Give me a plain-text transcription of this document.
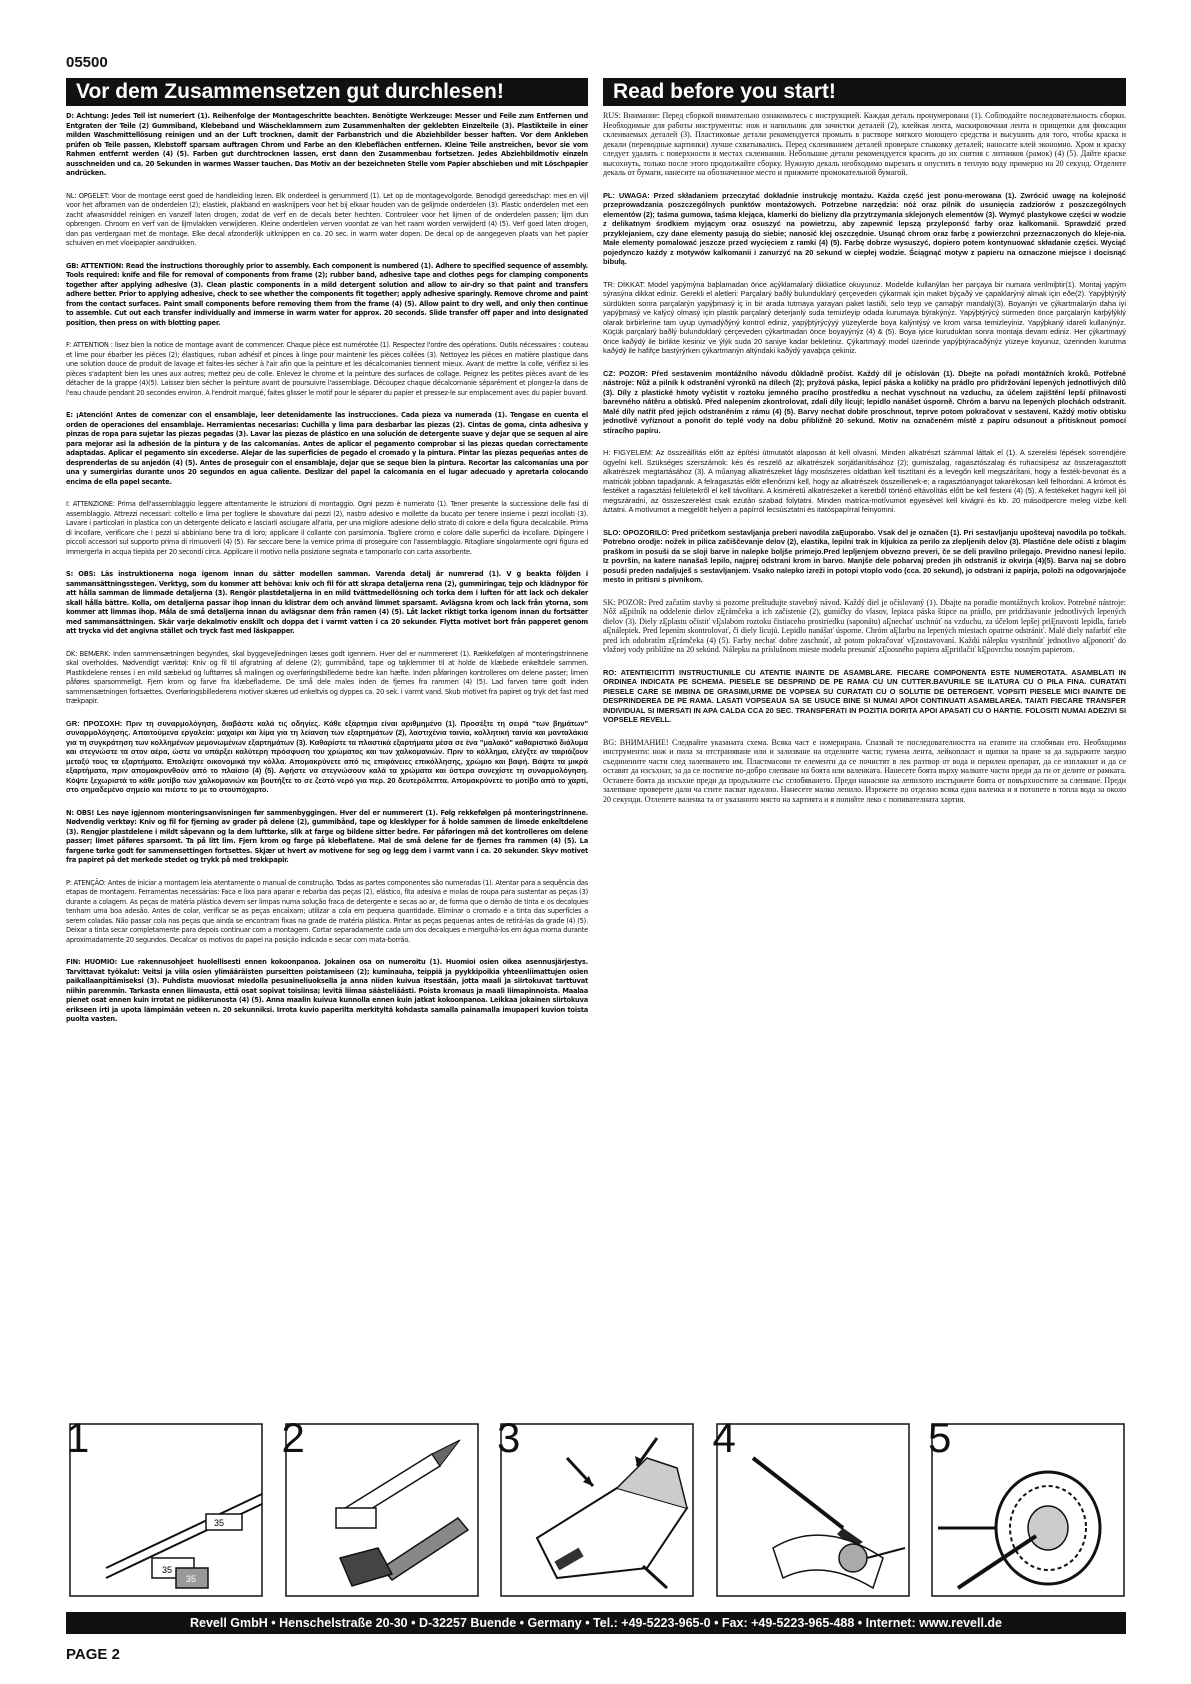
05500
Vor dem Zusammensetzen gut durchlesen!	Read before you start!

D: Achtung: Jedes Teil ist numeriert (1). Reihenfolge der Montageschritte beachten. Benötigte Werkzeuge: Messer und Feile zum Entfernen und Entgraten der Teile (2) Gummiband, Klebeband und Wäscheklammern zum Zusammenhalten der geklebten Einzelteile (3). Plastikteile in einer milden Waschmittellösung reinigen und an der Luft trocknen, damit der Farbanstrich und die Abziehbilder besser haften. Vor dem Ankleben prüfen ob Teile passen, Klebstoff sparsam auftragen Chrom und Farbe an den Klebeflächen entfernen. Kleine Teile anstreichen, bevor sie vom Rahmen entfernt werden (4) (5). Farben gut durchtrocknen lassen, erst dann den Zusammenbau fortsetzen. Jedes Abziehbildmotiv einzeln ausschneiden und ca. 20 Sekunden in warmes Wasser tauchen. Das Motiv an der bezeichneten Stelle vom Papier abschieben und mit Löschpapier andrücken.

NL: OPGELET: Voor de montage eerst goed de handleiding lezen. Elk onderdeel is genummerd (1). Let op de montagevolgorde. Benodigd gereedschap: mes en vijl voor het afbramen van de onderdelen (2); elastiek, plakband en wasknijpers voor het bij elkaar houden van de gelijmde onderdelen (3). Plastic onderdelen met een zacht afwasmiddel reinigen en vanzelf laten drogen, zodat de verf en de decals beter hechten. Controleer voor het lijmen of de onderdelen passen; lijm dun opbrengen. Chroom en verf van de lijmvlakken verwijderen. Kleine onderdelen verven voordat ze van het raam worden verwijderd (4) (5). Verf goed laten drogen, dan pas verdergaan met de montage. Elke decal afzonderlijk uitknippen en ca. 20 sec. in warm water dopen. De decal op de aangegeven plaats van het papier schuiven en met vloeipapier aandrukken.

GB: ATTENTION: Read the instructions thoroughly prior to assembly. Each component is numbered (1). Adhere to specified sequence of assembly. Tools required: knife and file for removal of components from frame (2); rubber band, adhesive tape and clothes pegs for clamping components together after applying adhesive (3). Clean plastic components in a mild detergent solution and allow to air-dry so that paint and transfers adhere better. Prior to applying adhesive, check to see whether the components fit together; apply adhesive sparingly. Remove chrome and paint from the contact surfaces. Paint small components before removing them from the frame (4) (5). Allow paint to dry well, and only then continue to assemble. Cut out each transfer individually and immerse in warm water for approx. 20 seconds. Slide transfer off paper and into designated position, then press on with blotting paper.

F: ATTENTION : lisez bien la notice de montage avant de commencer. Chaque pièce est numérotée (1). Respectez l'ordre des opérations. Outils nécessaires : couteau et lime pour ébarber les pièces (2); élastiques, ruban adhésif et pinces à linge pour maintenir les pièces collées (3). Nettoyez les pièces en matière plastique dans une solution douce de produit de lavage et faites-les sécher à l'air afin que la peinture et les décalcomanies tiennent mieux. Avant de mettre la colle, vérifiez si les pièces s'adaptent bien les unes aux autres; mettez peu de colle. Enlevez le chrome et la peinture des surfaces de collage. Peignez les petites pièces avant de les détacher de la grappe (4)(5). Laissez bien sécher la peinture avant de poursuivre l'assemblage. Découpez chaque décalcomanie séparément et plongez-la dans de l'eau chaude pendant 20 secondes environ. A l'endroit marqué, faites glisser le motif pour le séparer du papier et pressez-le sur emplacement avec du papier buvard.

E: ¡Atención! Antes de comenzar con el ensamblaje, leer detenidamente las instrucciones. Cada pieza va numerada (1). Tengase en cuenta el orden de operaciones del ensamblaje. Herramientas necesarias: Cuchilla y lima para desbarbar las piezas (2). Cintas de goma, cinta adhesiva y pinzas de ropa para sujetar las piezas pegadas (3). Lavar las piezas de plástico en una solución de detergente suave y dejar que se sequen al aire para mejorar asi la adhesión de la pintura y de las calcomanías. Antes de aplicar el pegamento comprobar si las piezas quedan correctamente adaptadas. Aplicar el pegamento sin excederse. Alejar de las superficies de pegado el cromado y la pintura. Pintar las piezas pequeñas antes de desprenderlas de su anjedón (4) (5). Antes de proseguir con el ensamblaje, dejar que se seque bien la pintura. Recortar las calcomanías una por una y sumergirlas durante unos 20 segundos en agua caliente. Deslizar del papel la calcomanía en el lugar adecuado y apretarla colocando encima de ella papel secante.

I: ATTENZIONE: Prima dell'assemblaggio leggere attentamente le istruzioni di montaggio. Ogni pezzo è numerato (1). Tener presente la successione delle fasi di assemblaggio. Attrezzi necessari: coltello e lima per togliere le sbavature dai pezzi (2), nastro adesivo e mollette da bucato per tenere insieme i pezzi incollati (3). Lavare i particolari in plastica con un detergente delicato e lasciarli asciugare all'aria, per una migliore adesione dello strato di colore e della figura decalcabile. Prima di incollare, verificare che i pezzi si abbiniano bene tra di loro; applicare il collante con parsimonia. Togliere cromo e colore dalle superfici da incollare. Dipingere i piccoli accessori sul supporto prima di rimuoverli (4) (5). Far seccare bene la vernice prima di proseguire con l'assemblaggio. Ritagliare singolarmente ogni figura ed immergerla in acqua tiepida per 20 secondi circa. Applicare il motivo nella posizione segnata e tamponarlo con carta assorbente.

S: OBS: Läs instruktionerna noga igenom innan du sätter modellen samman. Varenda detalj är numrerad (1). V g beakta följden i sammansättningsstegen. Verktyg, som du kommer att behöva: kniv och fil för att skrapa detaljerna rena (2), gummiringar, tejp och klädnypor för att hålla samman de limmade detaljerna (3). Rengör plastdetaljerna in en mild tvättmedellösning och torka dem i luften för att lack och dekaler skall hålla bättre. Kolla, om detaljerna passar ihop innan du klistrar dem och använd limmet sparsamt. Avlägsna krom och lack från ytorna, som kommer att limmas ihop. Måla de små detaljerna innan du avlägsnar dem från ramen (4) (5). Låt lacket riktigt torka igenom innan du fortsätter med sammansättningen. Skär varje dekalmotiv enskilt och doppa det i varmt vatten i ca 20 sekunder. Flytta motivet bort från papperet genom att trycka vid det angivna stället och tryck fast med läskpapper.

DK: BEMÆRK: Inden sammensætningen begyndes, skal byggevejledningen læses godt igennem. Hver del er nummereret (1). Rækkefølgen af monteringstrinnene skal overholdes. Nødvendigt værktøj: Kniv og fil til afgratning af delene (2); gummibånd, tape og tøjklemmer til at holde de klæbede enkeltdele sammen. Plastikdelene renses i en mild sæbelud og lufttørres så malingen og overføringsbillederne bedre kan hæfte. Inden påføringen kontrolleres om delene passer; limen påføres sparsommeligt. Fjern krom og farve fra klæbefladerne. De små dele males inden de fjernes fra rammen (4) (5). Lad farven tørre godt inden sammensætningen fortsættes. Overføringsbillederens motiver skæres ud enkeltvis og dyppes ca. 20 sek. i varmt vand. Skub motivet fra papiret og tryk det fast med trækpapir.

GR: ΠΡΟΣΟΧΗ: Πριν τη συναρμολόγηση, διαβάστε καλά τις οδηγίες. Κάθε εξάρτημα είναι αριθμημένο (1). Προσέξτε τη σειρά "των βημάτων" συναρμολόγησης. Απαιτούμενα εργαλεία: μαχαίρι και λίμα για τη λείανση των εξαρτημάτων (2), λαστιχένια ταινία, κολλητική ταινία και μανταλάκια για τη συγκράτηση των κολλημένων μεμονωμένων εξαρτημάτων (3). Καθαρίστε τα πλαστικά εξαρτήματα μέσα σε ένα "μαλακό" καθαριστικό διάλυμα και στεγνώστε τα στον αέρα, ώστε να υπάρξει καλύτερη πρόσφυση του χρώματος και των χαλκομανιών. Πριν το κόλλημα, ελέγξτε αν ταιριάζουν μεταξύ τους τα εξαρτήματα. Επαλείψτε οικονομικά την κόλλα. Απομακρύνετε από τις επιφάνειες επικόλλησης, χρώμιο και βαφή. Βάψτε τα μικρά εξαρτήματα, πριν απομακρυνθούν από το πλαίσιο (4) (5). Αφήστε να στεγνώσουν καλά τα χρώματα και ύστερα συνεχίστε τη συναρμολόγηση. Κόψτε ξεχωριστά το κάθε μοτίβο των χαλκομανιών και βουτήξτε το σε ζεστό νερό για περ. 20 δευτερόλεπτα. Απομακρύνετε το μοτίβο από το χαρτί, στο σημαδεμένο σημείο και πιέστε το με το στουπόχαρτο.

N: OBS! Les nøye igjennom monteringsanvisningen før sammenbyggingen. Hver del er nummerert (1). Følg rekkefølgen på monteringstrinnene. Nødvendig verktøy: Kniv og fil for fjerning av grader på delene (2), gummibånd, tape og klesklyper for å holde sammen de limede enkeltdelene (3). Rengjør plastdelene i mildt såpevann og la dem lufttørke, slik at farge og bildene sitter bedre. Før påføringen må det kontrolleres om delene passer; limet påføres sparsomt. Ta på litt lim. Fjern krom og farge på klebeflatene. Mal de små delene før de fjernes fra rammen (4) (5). La fargene tørke godt før sammensettingen fortsettes. Skjær ut hvert av motivene for seg og legg dem i varmt vann i ca. 20 sekunder. Skyv motivet fra papiret på det merkede stedet og trykk på med trekkpapir.

P: ATENÇÃO: Antes de iniciar a montagem leia atentamente o manual de construção. Todas as partes componentes são numeradas (1). Atentar para a sequência das etapas de montagem. Ferramentas necessárias: Faca e lixa para aparar e rebarba das peças (2), elástico, fita adesiva e molas de roupa para sustentar as peças (3) durante a colagem. As peças de matéria plástica devem ser limpas numa solução fraca de detergente e secas ao ar, de forma que o demão de tinta e os decalques tenham uma boa adesão. Antes de colar, verificar se as peças encaixam; utilizar a cola em pequena quantidade. Eliminar o cromado e a tinta das superfícies a serem coladas. Não passar cola nas peças que ainda se encontram fixas na grade de matéria plástica. Pintar as peças pequenas antes de retirá-las da grade (4) (5). Deixar a tinta secar completamente para depois continuar com a montagem. Cortar separadamente cada um dos decalques e mergulhá-los em água morna durante aproximadamente 20 segundos. Decalcar os motivos do papel na posição indicada e secar com mata-borrão.

FIN: HUOMIO: Lue rakennusohjeet huolellisesti ennen kokoonpanoa. Jokainen osa on numeroitu (1). Huomioi osien oikea asennusjärjestys. Tarvittavat työkalut: Veitsi ja viila osien ylimääräisten purseitten poistamiseen (2); kuminauha, teippiä ja pyykkipoikia yhteenliimattujen osien paikallaanpitämiseksi (3). Puhdista muoviosat miedolla pesuaineliuoksella ja anna niiden kuivua itsestään, jotta maali ja siirtokuvat tarttuvat niihin paremmin. Tarkasta ennen liimausta, että osat sopivat toisiinsa; levitä liimaa säästeliäästi. Poista kromaus ja maali liimapinnoista. Maalaa pienet osat ennen kuin irrotat ne pidikerunosta (4) (5). Anna maalin kuivua kunnolla ennen kuin jatkat kokoonpanoa. Leikkaa jokainen siirtokuva erikseen irti ja upota lämpimään veteen n. 20 sekunniksi. Irrota kuvio paperilta merkityltä kohdasta samalla painamalla imupaperi kuvion toista puolta vasten.

RUS: Внимание: Перед сборкой внимательно ознакомьтесь с инструкцией. Каждая деталь пронумерована (1). Соблюдайте последовательность сборки. Необходимые для работы инструменты: нож и напильник для зачистки деталей (2), клейкая лента, маскировочная лента и прищепки для фиксации склеиваемых деталей (3). Пластиковые детали рекомендуется промыть в растворе мягкого моющего средства и высушить для того, чтобы краска и декали (переводные картинки) лучше схватывались. Перед склеиванием деталей проверьте стыковку деталей; наносите клей экономно. Хром и краску следует удалять с поверхности в местах склеивания. Небольшие детали рекомендуется красить до их снятия с литников (рамок) (4) (5). Дайте краске высохнуть, только после этого продолжайте сборку. Нужную декаль необходимо вырезать и опустить в теплую воду примерно на 20 секунд. Отделите декаль от бумаги, нанесите на обозначенное место и прижмите промокательной бумагой.

PL: UWAGA: Przed składaniem przeczytać dokładnie instrukcję montażu. Każda część jest ponu-merowana (1). Zwrócić uwagę na kolejność przeprowadzania poszczególnych punktów montażowych. Potrzebne narzędzia: nóż oraz pilnik do usunięcia zadziorów z poszczególnych elementów (2); taśma gumowa, taśma klejąca, klamerki do bielizny dla przytrzymania sklejonych elementów (3). Wymyć plastykowe części w wodzie z delikatnym środkiem myjącym oraz osuszyć na powietrzu, aby zapewnić lepszą przyleponść farby oraz kalkomanii. Sprawdzić przed przyklejaniem, czy dane elementy pasują do siebie; nanosić klej oszczędnie. Usunąć chrom oraz farbę z powierzchni przeznaczonych do kleje-nia. Małe elementy pomalować jeszcze przed wycięciem z ramki (4) (5). Farbę dobrze wysuszyć, dopiero potem kontynuować składanie części. Wyciąć pojedynczo każdy z motywów kalkomanii i zanurzyć na 20 sekund w ciepłej wodzie. Ściągnąć motyw z papieru na oznaczone miejsce i docisnąć bibułą.

TR: DİKKAT: Model yapýmýna baþlamadan önce açýklamalarý dikkatlice okuyunuz. Modelde kullanýlan her parçaya bir numara verilmiþtir(1). Montaj yapým sýrasýna dikkat ediniz. Gerekli el aletleri: Parçalarý baðlý bulunduklarý çerçeveden çýkarmak için maket býçaðý ve çapaklarýný almak için eðe(2). Yapýþtýrýlý sürdükten sonra parçalarýn yapýþmasý iç in bir arada tutmaya yarayan paket lastiði, selo teyp ve çamaþýr mandalý(3). Boyanýn ve çýkartmalarýn daha iyi yapýþmasý ve kalýcý olmasý için plastik parçalarý deterjanlý suda temizleyip odada kurumaya býrakýnýz. Yapýþtýrýcý sürmeden önce parçalarýn karþýlýklý olarak birbirlerine tam uyup uymadýðýný kontrol ediniz, yapýþtýrýcýyý yüzeylerde boya kalýntýsý ve krom varsa temizleyiniz. Yapýþkaný idareli kullanýnýz. Küçük parçalarý baðlý bulunduklarý çerçeveden çýkartmadan önce boyayýnýz (4) & (5). Boya iyice kuruduktan sonra montaja devam ediniz. Her çýkartmayý önce kaðýdý ile birlikte kesiniz ve ýlýk suda 20 saniye kadar bekletiniz. Çýkartmayý model üzerinde yapýþtýracaðýnýz yüzeye koyunuz, üzerinden kurutma kaðýdý ile hafifçe bastýrýrken çýkartmanýn altýndaki kaðýdý yavaþça çekiniz.

CZ: POZOR: Před sestavením montážního návodu důkladně pročíst. Každý díl je očíslován (1). Dbejte na pořadí montážních kroků. Potřebné nástroje: Nůž a pilník k odstranění výronků na dílech (2); pryžová páska, lepicí páska a kolíčky na prádlo pro přidržování lepených jednotlivých dílů (3). Díly z plastické hmoty vyčistit v roztoku jemného pracího prostředku a nechat vyschnout na vzduchu, za účelem zajištění lepší přilnavosti barevného nátěru a obtisků. Před nalepením zkontrolovat, zdali díly lícují; lepidlo nanášet úsporně. Chróm a barvu na lepených plochách odstranit. Malé díly natřít před jejich odstraněním z rámu (4) (5). Barvy nechat dobře proschnout, teprve potom pokračovat v sestavení. Každý motiv obtisku jednotlivě vyříznout a ponořit do teplé vody na dobu přibližně 20 sekund. Motiv na označeném místě z papíru odsunout a přitisknout pomocí stíracího papíru.

H: FIGYELEM: Az összeállítás előtt az építési útmutatót alaposan át kell olvasni. Minden alkatrészt számmal láttak el (1). A szerelési lépések sorrendjére ügyelni kell. Szükséges szerszámok: kés és reszelő az alkatrészek sorjátlanításához (2); gumiszalag, ragasztószalag és ruhacsipesz az összeragasztott alkatrészek megtartásához (3). A műanyag alkatrészeket lágy mosószeres oldatban kell tisztítani és a levegőn kell megszárítani, hogy a festék-bevonat és a matricák jobban tapadjanak. A felragasztás előtt ellenőrizni kell, hogy az alkatrészek összeillenek-e; a ragasztóanyagot takarékosan kell felhordani. A krómot és festéket a ragasztási felületekről el kell távolítani. A kisméretű alkatrészeket a keretből történő eltávolítás előtt be kell festeni (4) (5). A festékeket hagyni kell jól megszáradni, az összeszerelést csak ezután szabad folytatni. Minden matrica-motívumot egyesével kell kivágni és kb. 20 másodpercre meleg vízbe kell áztatni. A motívumot a megjelölt helyen a papírról lecsúsztatni és itatóspapírral feinyomni.

SLO: OPOZORILO: Pred pričetkom sestavljanja preberi navodila zaĘuporabo. Vsak del je označen (1). Pri sestavljanju upoštevaj navodila po točkah. Potrebno orodje: nožek in pilica začiščevanje delov (2), elastika, lepilni trak in kljukica za perilo za zlepljenih delov (3). Plastične dele očisti z blagim praškom in posuši da se sloji barve in nalepke boljše primejo.Pred lepljenjem obvezno preveri, če se deli pravilno prilegajo. Previdno nanesi lepilo. Iz površin, na katere nanašaš lepilo, najprej odstrani krom in barvo. Manjše dele pobarvaj preden jih odstraniš iz okvirja (4)(5). Barva naj se dobro posuši preden nadaljuješ s sestavljanjem. Vsako nalepko izreži in potopi vtoplo vodo (cca. 20 sekund), jo odstrani iz papirja, položi na odgovarjajoče mesto in pritisni s pivnikom.

SK: POZOR: Pred začatím stavby si pozorne preštudujte stavebný návod. Každý diel je očíslovaný (1). Dbajte na poradie montážnych krokov. Potrebné nástroje: Nôž aĘpilník na oddelenie dielov zĘrámčeka a ich začistenie (2), gumičky do vlasov, lepiaca páska štipce na prádlo, pre pridržiavanie jednotlivých lepených dielov (3). Diely zĘplastu očistiť vĘslabom roztoku čistiaceho prostriedku (saponátu) aĘnechať uschnúť na vzduchu, za účelom lepšej priĘnavosti lepidla, farieb aĘnálepiek. Pred lepením skontrolovať, či diely lícujú. Lepidlo nanášať úsporne. Chróm aĘfarbu na lepených miestach opatrne odstrániť. Malé diely nafarbiť ešte pred ich odobratím zĘrámčeka (4) (5). Farby nechať dobre zaschnúť, až potom pokračovať vĘzostavovaní. Každú nálepku vystrihnúť jednotlivo aĘponoriť do vlažnej vody približne na 20 sekúnd. Nálepku na príslušnom mieste modelu presunúť zĘnosného papiera aĘpritlačiť kĘpovrchu nosným papierom.

RO: ATENTIE!CITITI INSTRUCTIUNILE CU ATENTIE INAINTE DE ASAMBLARE. FIECARE COMPONENTA ESTE NUMEROTATA. ASAMBLATI IN ORDINEA INDICATA PE SCHEMA. PIESELE SE DESPRIND DE PE RAMA CU UN CUTTER.BAVURILE SE ILATURA CU O PILA FINA. CURATATI PIESELE CARE SE IMBINA DE GRASIMI,URME DE VOPSEA SU CURATATI CU O SOLUTIE DE DETERGENT. VOPSITI PIESELE MICI INAINTE DE DESPRINDEREA DE PE RAMA. LASATI VOPSEAUA SA SE USUCE BINE SI NUMAI APOI CONTINUATI ASAMBLAREA. TAIATI FIECARE TRANSFER INDIVIDUAL SI IMERSATI IN APA CALDA CCA 20 SEC. TRANSFERATI IN POZITIA DORITA APOI APASATI CU O HARTIE. FOLOSITI NUMAI ADEZIVI SI VOPSELE REVELL.

BG: ВНИМАНИЕ! Следвайте указаната схема. Всяка част е номерирана. Спазвай те последователността на етапите на сглобяван ето. Необходими инструменти: нож и пила за отстраняване или и зализване на отделните части; гумена лента, лейкопласт и щипки за пране за да задържите заедно съединените части след залепването им. Пластмасови те елементи да се почистят в лек разтвор от вода и перилен препарат, да се изплакнат и да се оставят да изсъхнат, за да се постигне по-добро слепване на боята или валенката. Нанесете боята върху малките части преди да ги от делите от рамката. Оставете боята да изсъхне преди да продължите със сглобяването. Преди нанасяне на лепилото изстържете боята от повърхностите за слепване. Преди залепване проверете дали ча стите пасват идеално. Нанесете малко лепило. Изрежете по отделно всяка една валенка и я потопете в топла вода за около 20 секунди. Отлепете валенка та от указаното място на хартията и я попийте леко с попивателната хартия.

35
35
35
1	2	3	4	5
Revell GmbH • Henschelstraße 20-30 • D-32257 Buende • Germany • Tel.: +49-5223-965-0 • Fax: +49-5223-965-488 • Internet: www.revell.de
PAGE 2
